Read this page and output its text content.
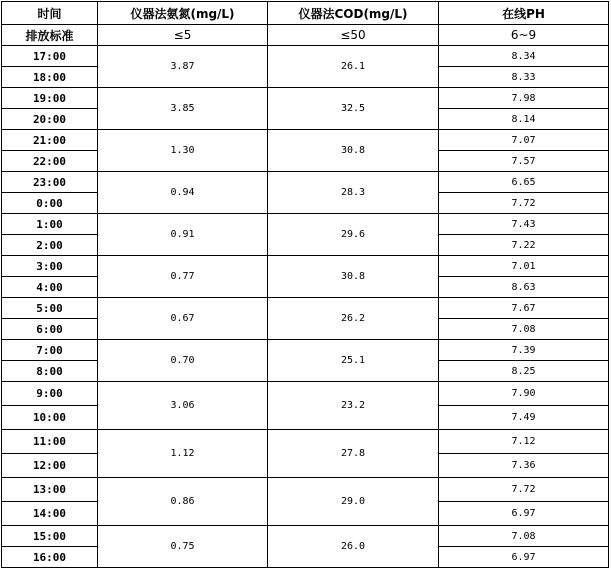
时间	仪器法氨氮(mg/L)	仪器法COD(mg/L)	在线PH
排放标准	≤5	≤50	6~9
17:00	3.87	26.1	8.34
18:00			8.33
19:00	3.85	32.5	7.98
20:00			8.14
21:00	1.30	30.8	7.07
22:00			7.57
23:00	0.94	28.3	6.65
0:00			7.72
1:00	0.91	29.6	7.43
2:00			7.22
3:00	0.77	30.8	7.01
4:00			8.63
5:00	0.67	26.2	7.67
6:00			7.08
7:00	0.70	25.1	7.39
8:00			8.25
9:00	3.06	23.2	7.90
10:00			7.49
11:00	1.12	27.8	7.12
12:00			7.36
13:00	0.86	29.0	7.72
14:00			6.97
15:00	0.75	26.0	7.08
16:00			6.97
